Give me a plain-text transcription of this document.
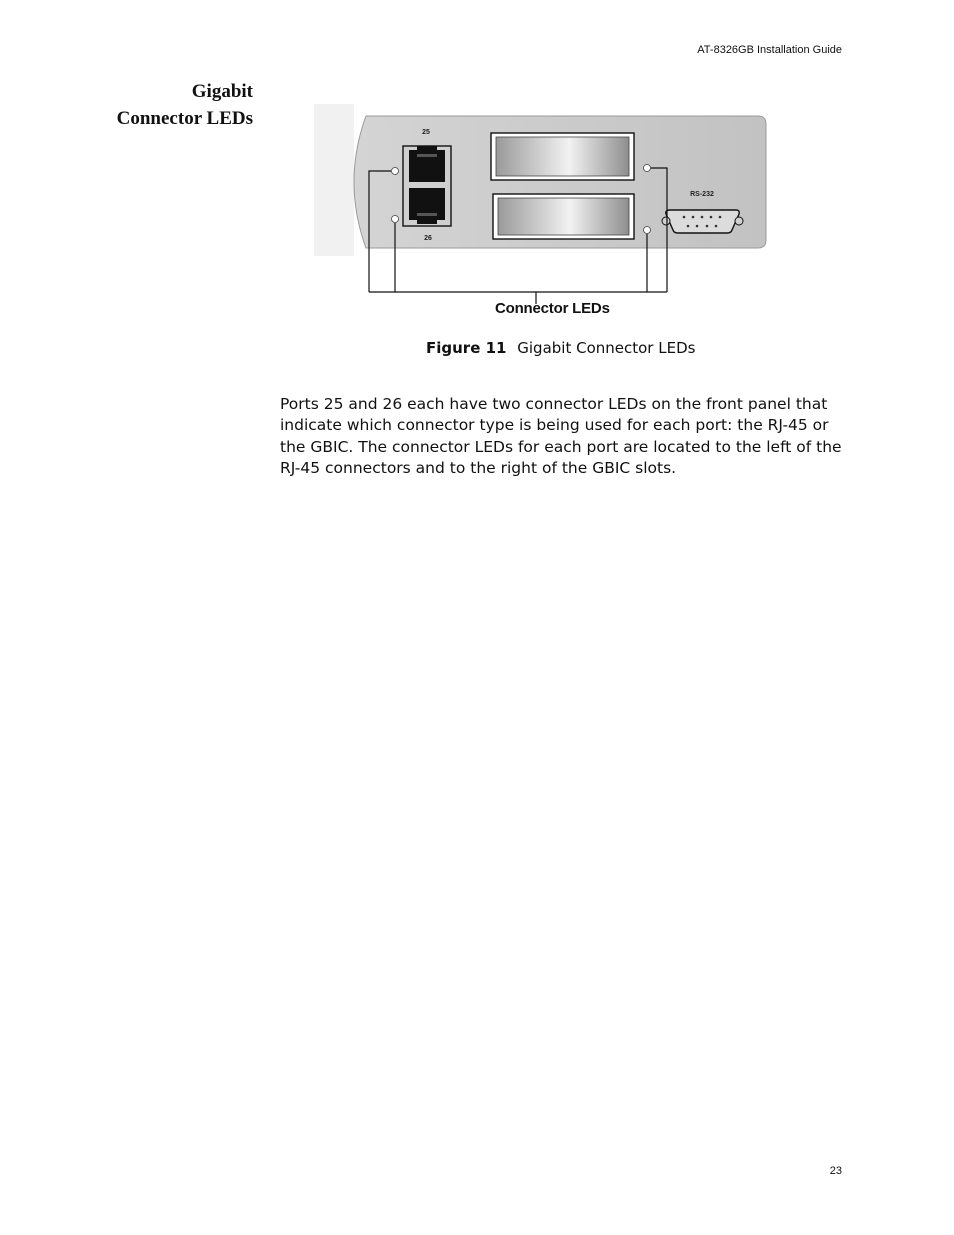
AT-8326GB Installation Guide
Gigabit
Connector LEDs
25
26
RS-232
Connector LEDs
Figure 11 Gigabit Connector LEDs

Ports 25 and 26 each have two connector LEDs on the front panel that indicate which connector type is being used for each port: the RJ-45 or the GBIC. The connector LEDs for each port are located to the left of the RJ-45 connectors and to the right of the GBIC slots.

23
